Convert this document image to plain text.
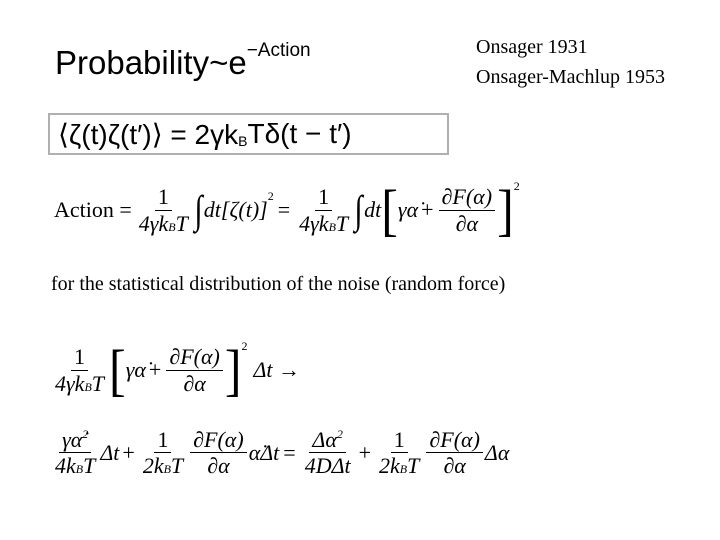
$Probability\sim e^{-Action}$	Onsager 1931
Onsager-Machlup 1953
⟨ζ(t)ζ(t′)⟩ = 2γk B Tδ(t − t′)
Action = $\frac{1}{\text{4γkBT}}$ ∫ dt[ζ(t)]
2
= $\frac{1}{\text{4γkBT}}$ ∫ dt [ γα̇ + $\frac{\partial F(\alpha)}{\partial\alpha}$ ] 2
for the statistical distribution of the noise (random force)
$\frac{1}{\text{4γkBT}}$ [ γα̇ + $\frac{\partial F(\alpha)}{\partial\alpha}$ ] 2
Δt →
$\frac{\gamma\alphȧ^2}{\text{4kBT}}$ $\Delta t + \frac{1}{\text{2kBT}} \frac{\partial F(\alpha)}{\partial\alpha}$ α̇Δt = $\frac{\Delta\alpha^2}{\text{4DΔt}} + \frac{1}{\text{2kBT}} \frac{\partial F(\alpha)}{\partial\alpha}$ Δα
